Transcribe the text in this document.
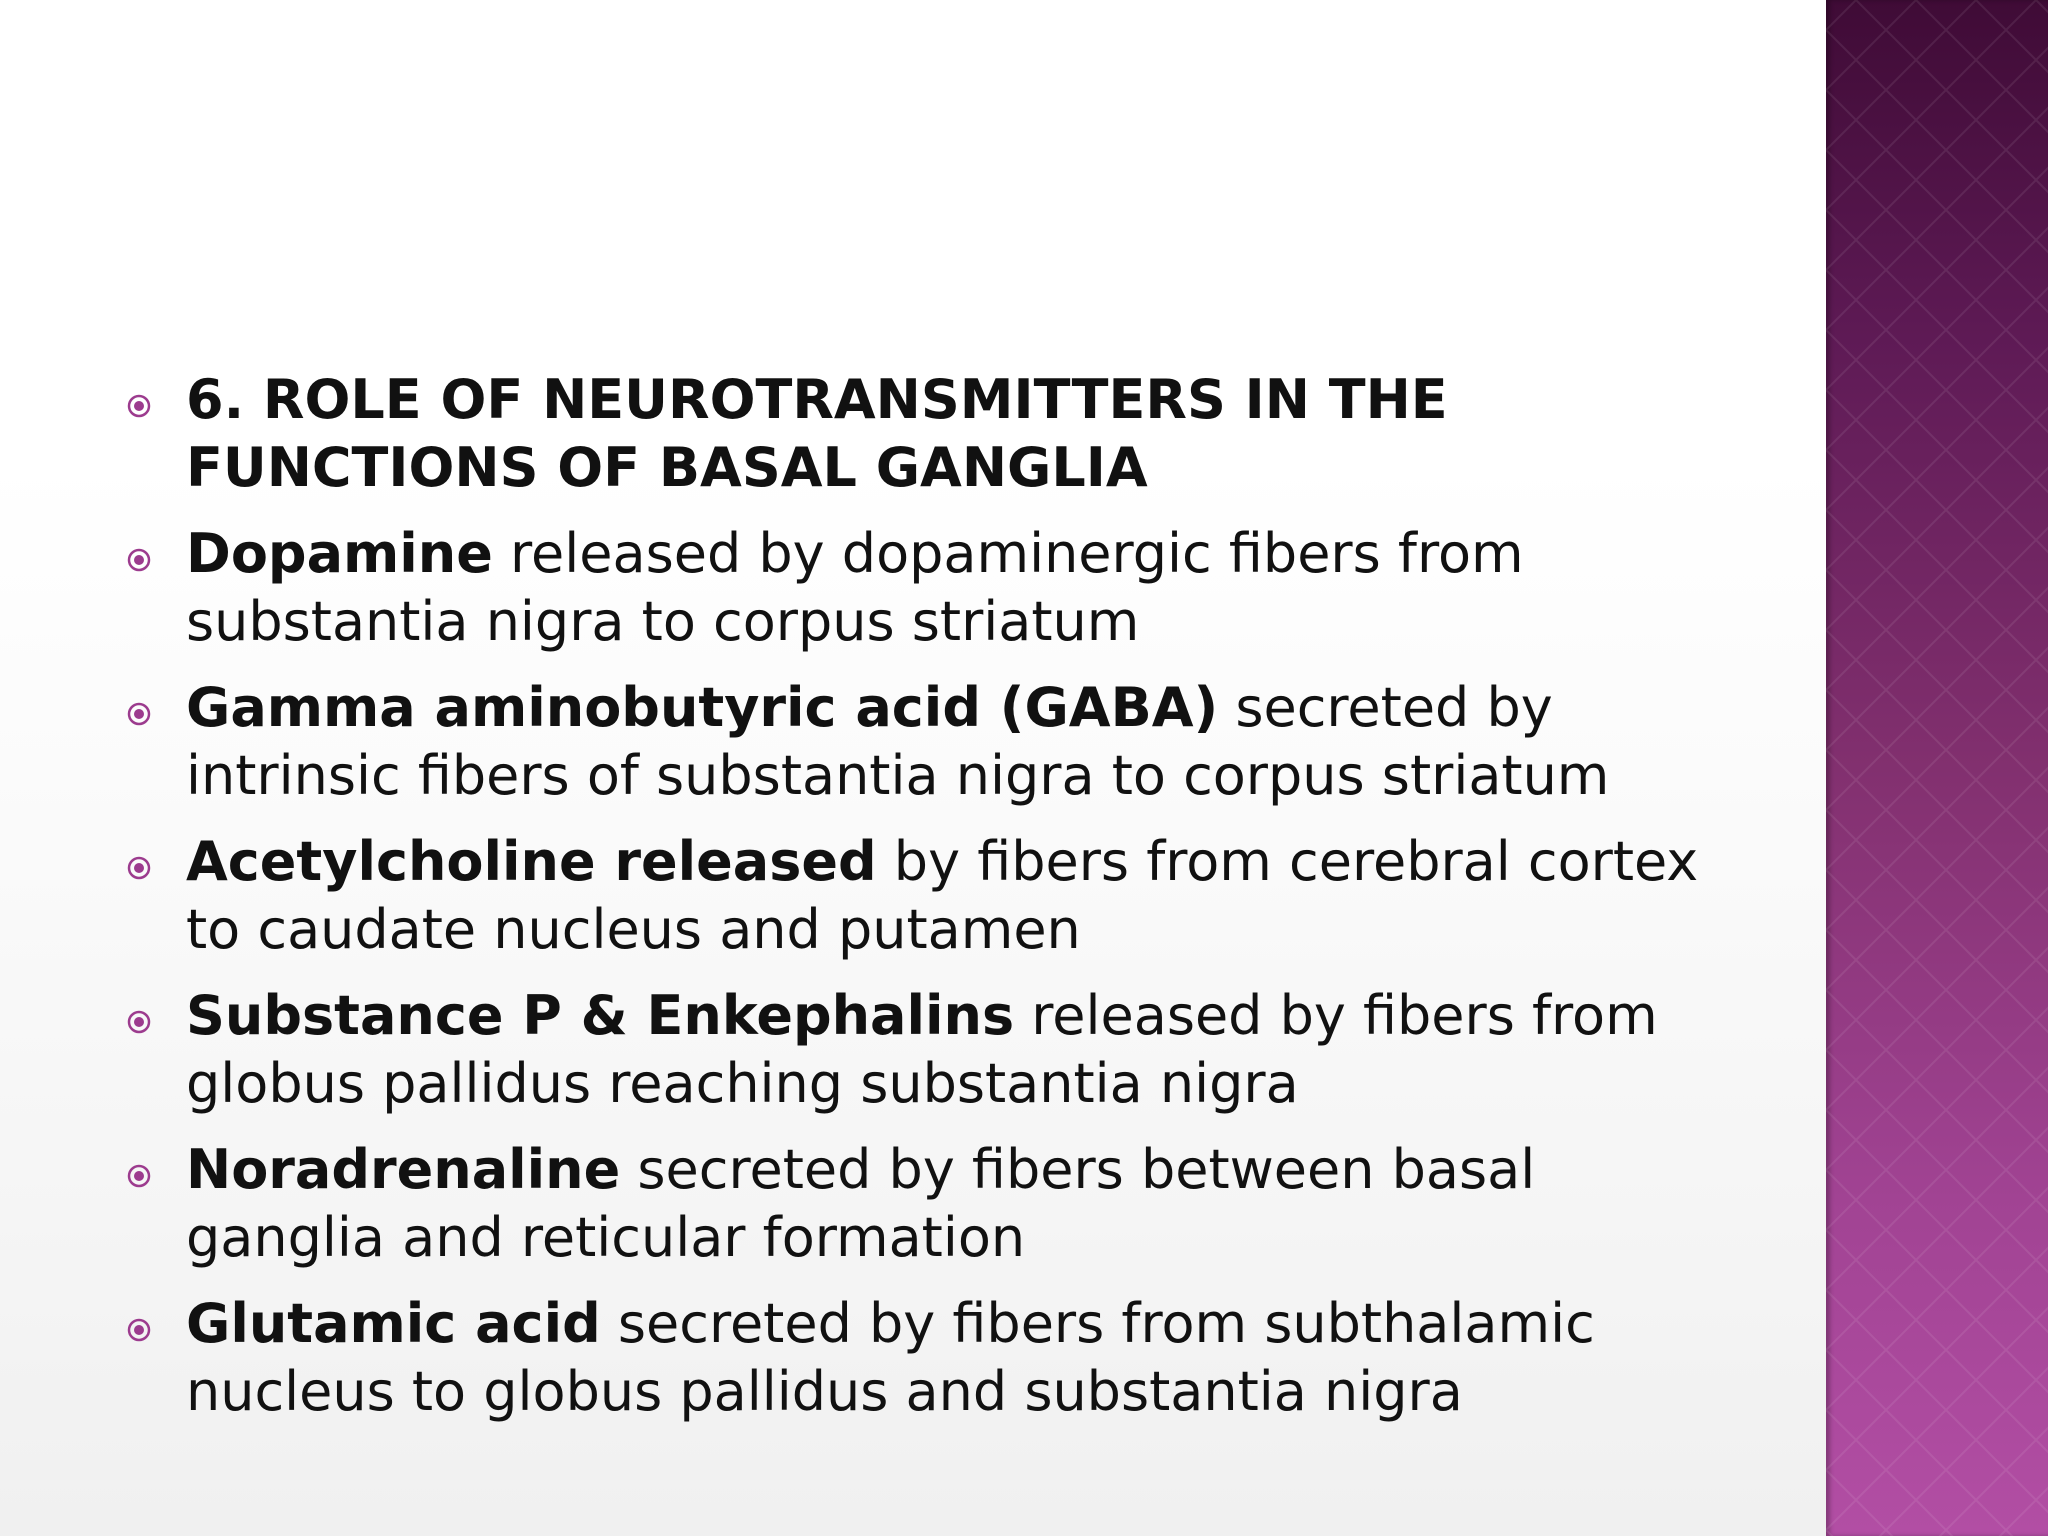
6. ROLE OF NEUROTRANSMITTERS IN THE FUNCTIONS OF BASAL GANGLIA
Dopamine released by dopaminergic fibers from substantia nigra to corpus striatum
Gamma aminobutyric acid (GABA) secreted by intrinsic fibers of substantia nigra to corpus striatum
Acetylcholine released by fibers from cerebral cortex to caudate nucleus and putamen
Substance P & Enkephalins released by fibers from globus pallidus reaching substantia nigra
Noradrenaline secreted by fibers between basal ganglia and reticular formation
Glutamic acid secreted by fibers from subthalamic nucleus to globus pallidus and substantia nigra
